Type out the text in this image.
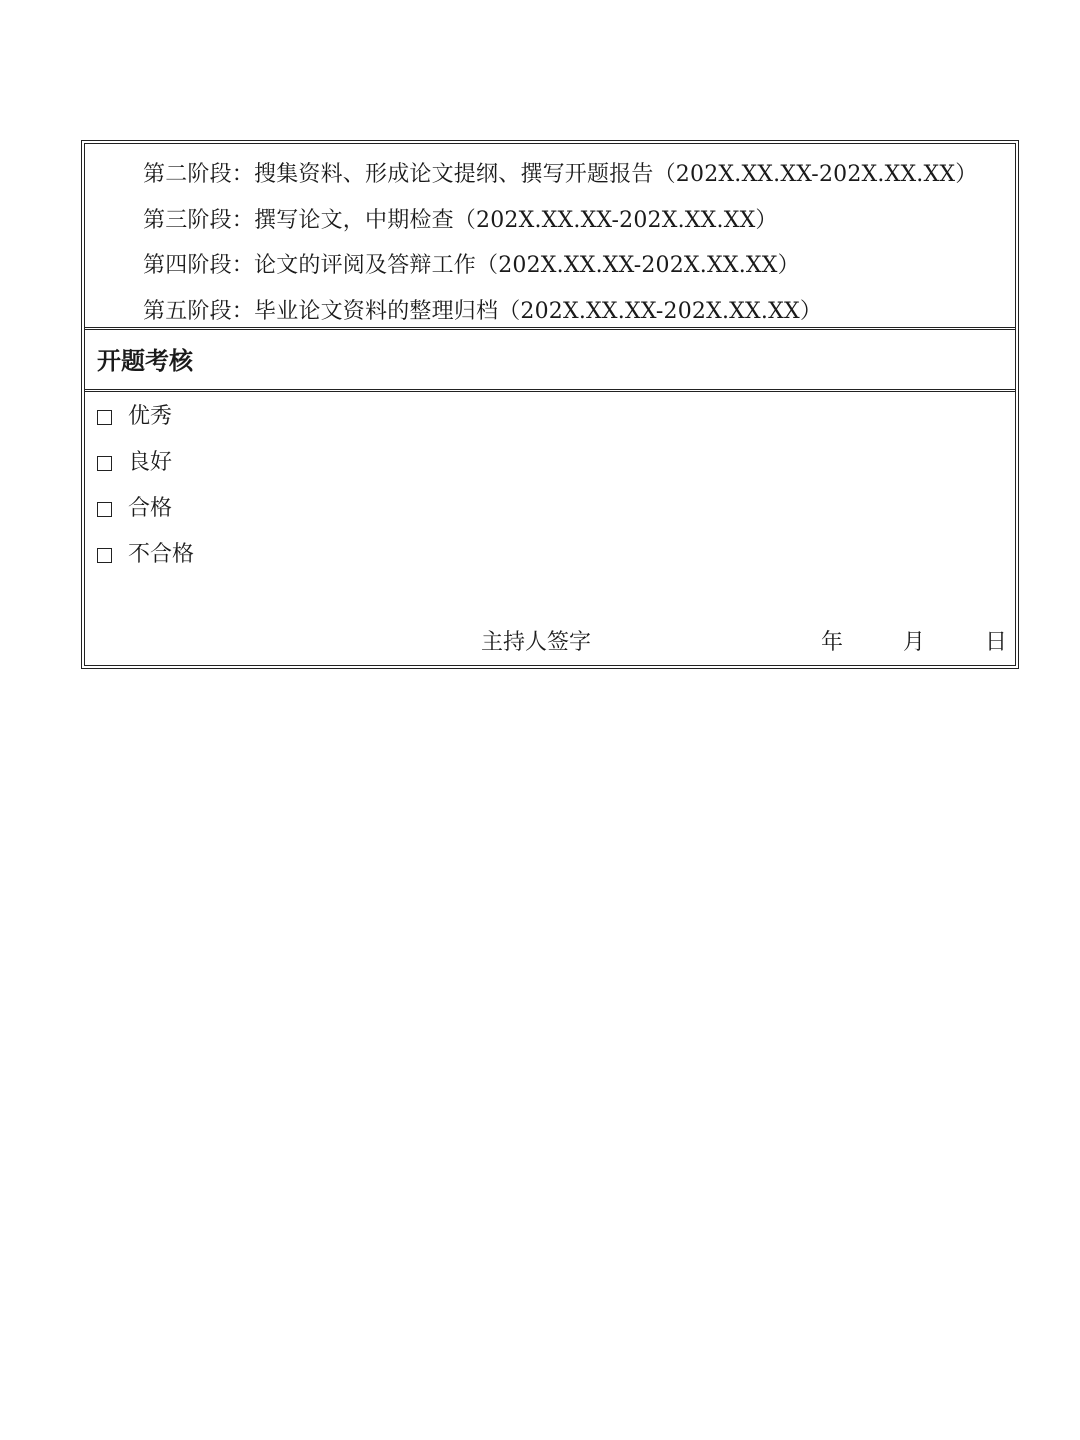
第二阶段：搜集资料、形成论文提纲、撰写开题报告（202X.XX.XX-202X.XX.XX）
第三阶段：撰写论文，中期检查（202X.XX.XX-202X.XX.XX）
第四阶段：论文的评阅及答辩工作（202X.XX.XX-202X.XX.XX）
第五阶段：毕业论文资料的整理归档（202X.XX.XX-202X.XX.XX）
开题考核
优秀
良好
合格
不合格
主持人签字	年	月	日
